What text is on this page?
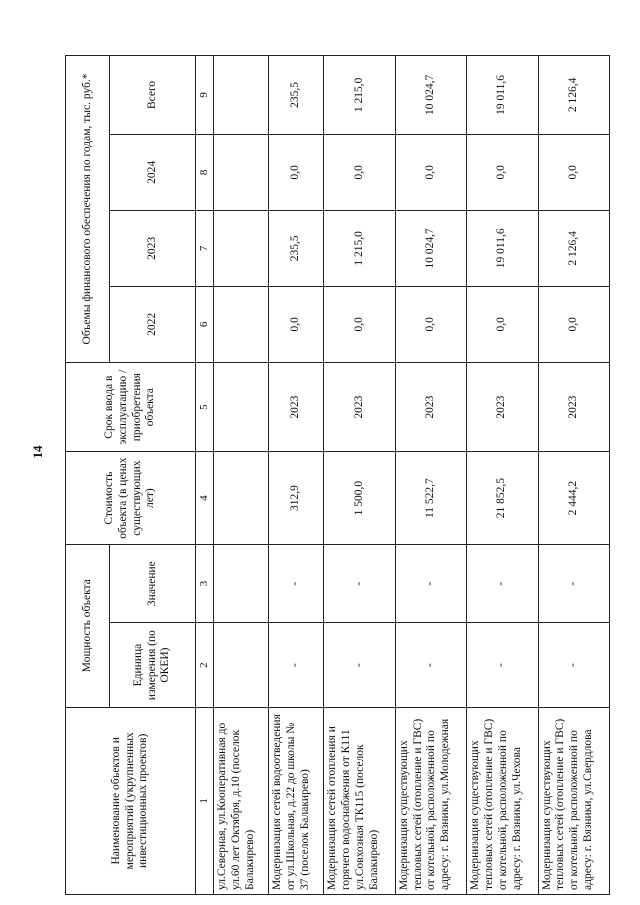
14
Наименование объектов и мероприятий (укрупненных инвестиционных проектов)	Мощность объекта		Стоимость объекта (в ценах существующих лет)	Срок ввода в эксплуатацию / приобретения объекта	Объемы финансового обеспечения по годам, тыс. руб.*			
	Единица измерения (по ОКЕИ)	Значение			2022	2023	2024	Всего
1	2	3	4	5	6	7	8	9
ул.Северная, ул.Кооперативная до ул.60 лет Октября, д.10 (поселок Балакирево)								
Модернизация сетей водоотведения от ул.Школьная, д.22 до школы № 37 (поселок Балакирево)	-	-	312,9	2023	0,0	235,5	0,0	235,5
Модернизация сетей отопления и горячего водоснабжения от К111 ул.Совхозная ТК115 (поселок Балакирево)	-	-	1 500,0	2023	0,0	1 215,0	0,0	1 215,0
Модернизация существующих тепловых сетей (отопление и ГВС) от котельной, расположенной по адресу: г. Вязники, ул.Молодежная	-	-	11 522,7	2023	0,0	10 024,7	0,0	10 024,7
Модернизация существующих тепловых сетей (отопление и ГВС) от котельной, расположенной по адресу: г. Вязники, ул.Чехова	-	-	21 852,5	2023	0,0	19 011,6	0,0	19 011,6
Модернизация существующих тепловых сетей (отопление и ГВС) от котельной, расположенной по адресу: г. Вязники, ул.Свердлова	-	-	2 444,2	2023	0,0	2 126,4	0,0	2 126,4
